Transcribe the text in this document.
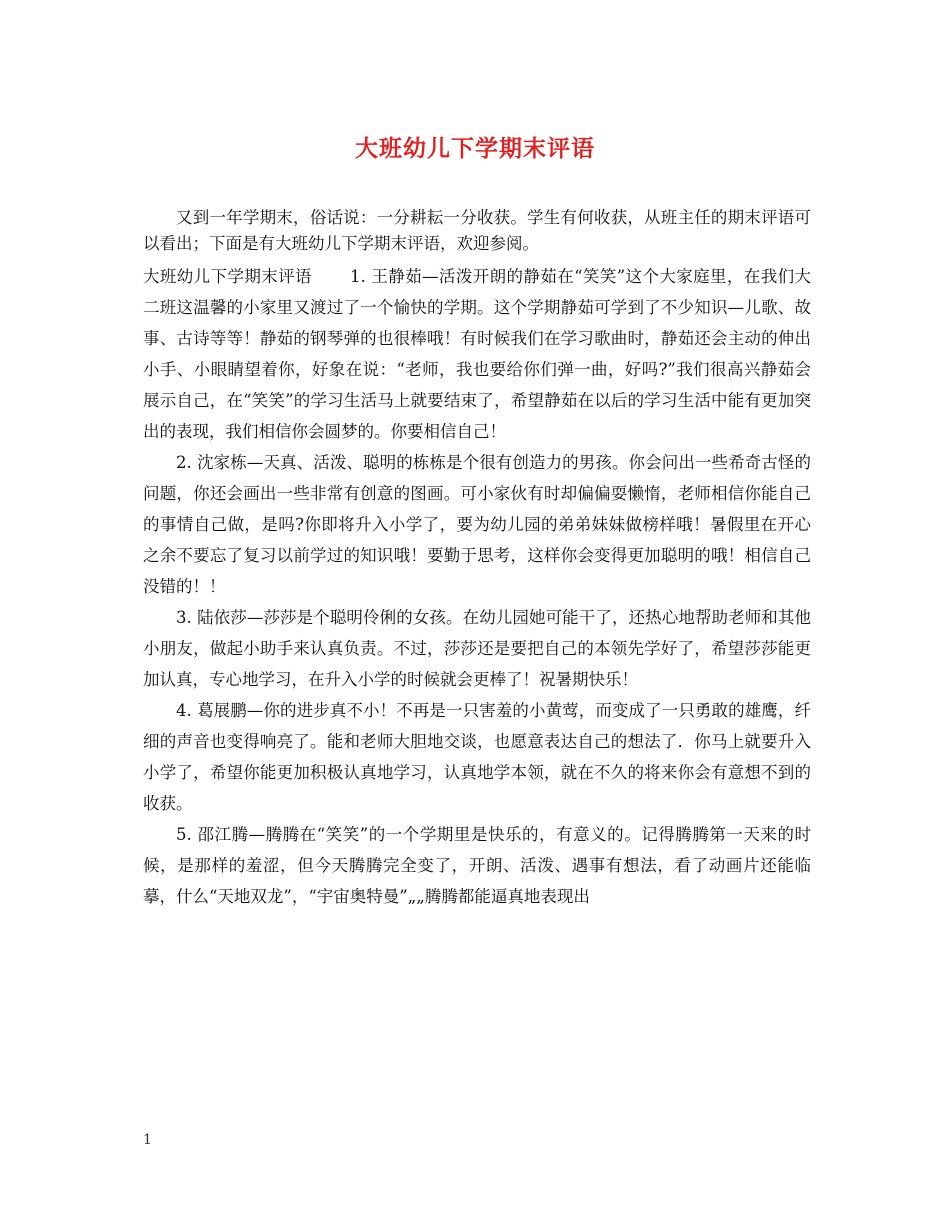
大班幼儿下学期末评语

又到一年学期末，俗话说：一分耕耘一分收获。学生有何收获，从班主任的期末评语可以看出；下面是有大班幼儿下学期末评语，欢迎参阅。

大班幼儿下学期末评语 1. 王静茹—活泼开朗的静茹在“笑笑”这个大家庭里，在我们大二班这温馨的小家里又渡过了一个愉快的学期。这个学期静茹可学到了不少知识—儿歌、故事、古诗等等！静茹的钢琴弹的也很棒哦！有时候我们在学习歌曲时，静茹还会主动的伸出小手、小眼睛望着你，好象在说：“老师，我也要给你们弹一曲，好吗?”我们很高兴静茹会展示自己，在“笑笑”的学习生活马上就要结束了，希望静茹在以后的学习生活中能有更加突出的表现，我们相信你会圆梦的。你要相信自己！

2. 沈家栋—天真、活泼、聪明的栋栋是个很有创造力的男孩。你会问出一些希奇古怪的问题，你还会画出一些非常有创意的图画。可小家伙有时却偏偏耍懒惰，老师相信你能自己的事情自己做，是吗?你即将升入小学了，要为幼儿园的弟弟妹妹做榜样哦！暑假里在开心之余不要忘了复习以前学过的知识哦！要勤于思考，这样你会变得更加聪明的哦！相信自己没错的！！

3. 陆依莎—莎莎是个聪明伶俐的女孩。在幼儿园她可能干了，还热心地帮助老师和其他小朋友，做起小助手来认真负责。不过，莎莎还是要把自己的本领先学好了，希望莎莎能更加认真，专心地学习，在升入小学的时候就会更棒了！祝暑期快乐！

4. 葛展鹏—你的进步真不小！不再是一只害羞的小黄莺，而变成了一只勇敢的雄鹰，纤细的声音也变得响亮了。能和老师大胆地交谈，也愿意表达自己的想法了．你马上就要升入小学了，希望你能更加积极认真地学习，认真地学本领，就在不久的将来你会有意想不到的收获。

5. 邵江腾—腾腾在“笑笑”的一个学期里是快乐的，有意义的。记得腾腾第一天来的时候，是那样的羞涩，但今天腾腾完全变了，开朗、活泼、遇事有想法，看了动画片还能临摹，什么“天地双龙”，“宇宙奥特曼”„„腾腾都能逼真地表现出

1
